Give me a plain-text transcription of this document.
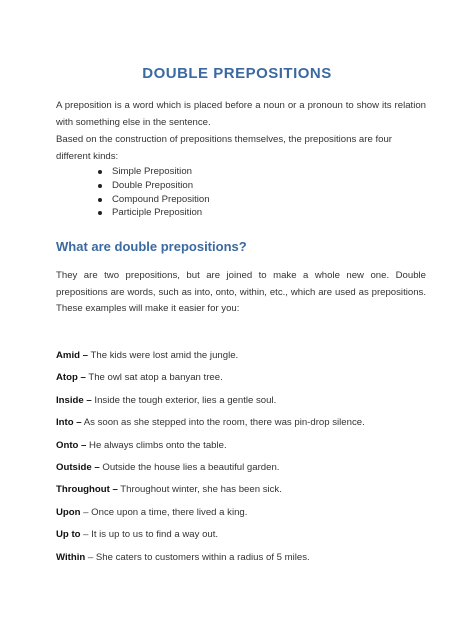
DOUBLE PREPOSITIONS
A preposition is a word which is placed before a noun or a pronoun to show its relation with something else in the sentence.
Based on the construction of prepositions themselves, the prepositions are four different kinds:
Simple Preposition
Double Preposition
Compound Preposition
Participle Preposition
What are double prepositions?
They are two prepositions, but are joined to make a whole new one. Double prepositions are words, such as into, onto, within, etc., which are used as prepositions. These examples will make it easier for you:
Amid – The kids were lost amid the jungle.
Atop – The owl sat atop a banyan tree.
Inside – Inside the tough exterior, lies a gentle soul.
Into – As soon as she stepped into the room, there was pin-drop silence.
Onto – He always climbs onto the table.
Outside – Outside the house lies a beautiful garden.
Throughout – Throughout winter, she has been sick.
Upon – Once upon a time, there lived a king.
Up to – It is up to us to find a way out.
Within – She caters to customers within a radius of 5 miles.
